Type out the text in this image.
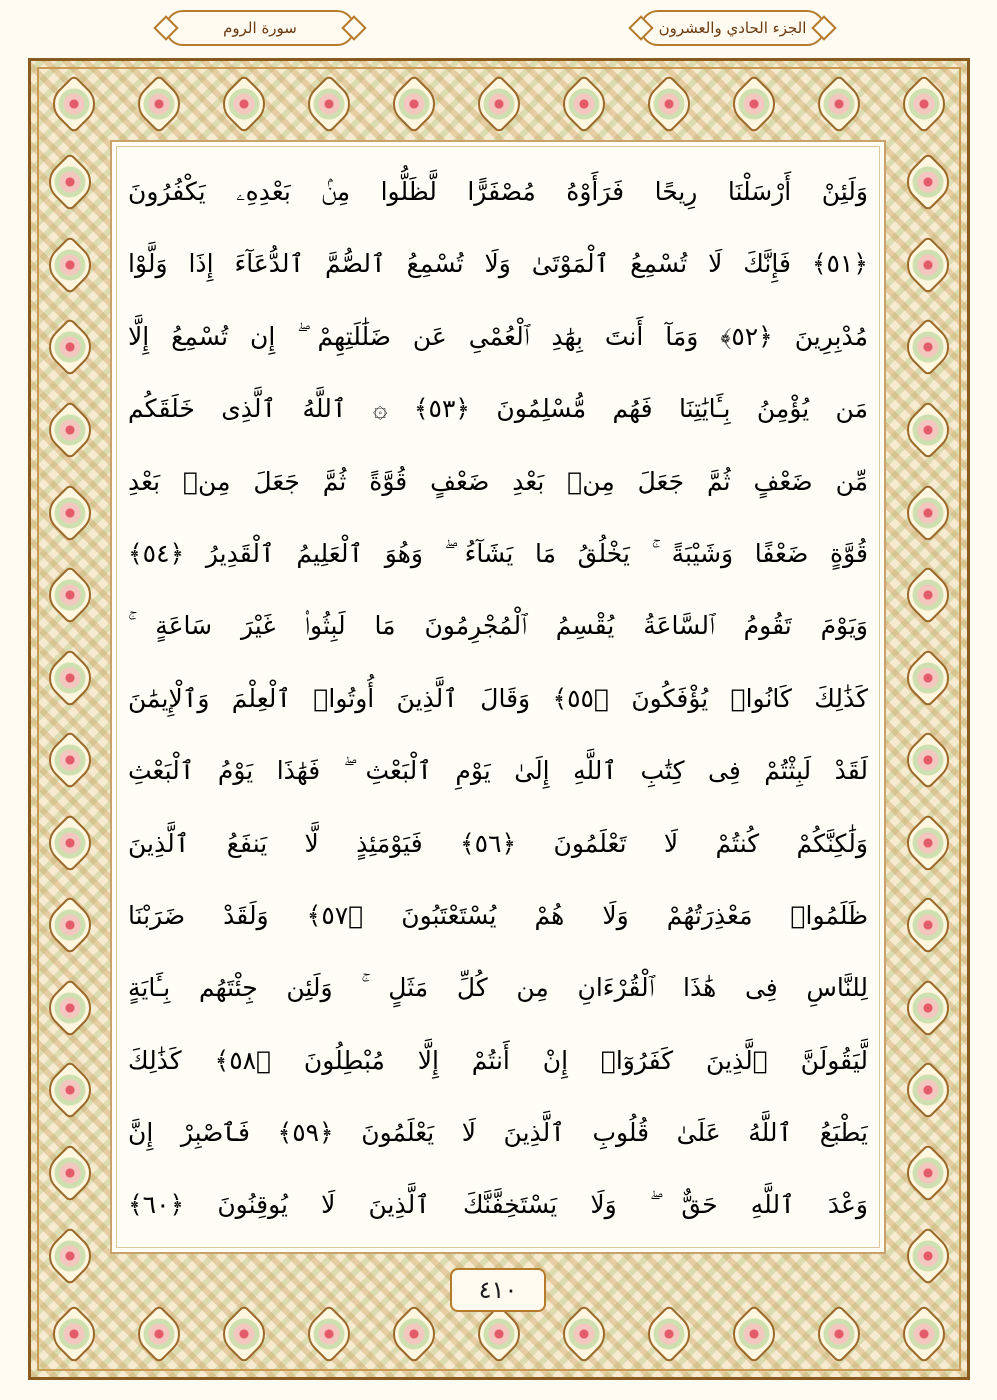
سورة الروم	الجزء الحادي والعشرون
وَلَئِنْ أَرْسَلْنَا رِيحًا فَرَأَوْهُ مُصْفَرًّا لَّظَلُّوا مِنۢ بَعْدِهِۦ يَكْفُرُونَ
﴿٥١﴾ فَإِنَّكَ لَا تُسْمِعُ ٱلْمَوْتَىٰ وَلَا تُسْمِعُ ٱلصُّمَّ ٱلدُّعَآءَ إِذَا وَلَّوْا
مُدْبِرِينَ ﴿٥٢﴾ وَمَآ أَنتَ بِهَٰدِ ٱلْعُمْىِ عَن ضَلَٰلَتِهِمْ ۖ إِن تُسْمِعُ إِلَّا
مَن يُؤْمِنُ بِـَٔايَٰتِنَا فَهُم مُّسْلِمُونَ ﴿٥٣﴾ ۞ ٱللَّهُ ٱلَّذِى خَلَقَكُم
مِّن ضَعْفٍ ثُمَّ جَعَلَ مِنۢ بَعْدِ ضَعْفٍ قُوَّةً ثُمَّ جَعَلَ مِنۢ بَعْدِ
قُوَّةٍ ضَعْفًا وَشَيْبَةً ۚ يَخْلُقُ مَا يَشَآءُ ۖ وَهُوَ ٱلْعَلِيمُ ٱلْقَدِيرُ ﴿٥٤﴾
وَيَوْمَ تَقُومُ ٱلسَّاعَةُ يُقْسِمُ ٱلْمُجْرِمُونَ مَا لَبِثُوا۟ غَيْرَ سَاعَةٍ ۚ
كَذَٰلِكَ كَانُوا۟ يُؤْفَكُونَ ﴿٥٥﴾ وَقَالَ ٱلَّذِينَ أُوتُوا۟ ٱلْعِلْمَ وَٱلْإِيمَٰنَ
لَقَدْ لَبِثْتُمْ فِى كِتَٰبِ ٱللَّهِ إِلَىٰ يَوْمِ ٱلْبَعْثِ ۖ فَهَٰذَا يَوْمُ ٱلْبَعْثِ
وَلَٰكِنَّكُمْ كُنتُمْ لَا تَعْلَمُونَ ﴿٥٦﴾ فَيَوْمَئِذٍ لَّا يَنفَعُ ٱلَّذِينَ
ظَلَمُوا۟ مَعْذِرَتُهُمْ وَلَا هُمْ يُسْتَعْتَبُونَ ﴿٥٧﴾ وَلَقَدْ ضَرَبْنَا
لِلنَّاسِ فِى هَٰذَا ٱلْقُرْءَانِ مِن كُلِّ مَثَلٍ ۚ وَلَئِن جِئْتَهُم بِـَٔايَةٍ
لَّيَقُولَنَّ ٱلَّذِينَ كَفَرُوٓا۟ إِنْ أَنتُمْ إِلَّا مُبْطِلُونَ ﴿٥٨﴾ كَذَٰلِكَ
يَطْبَعُ ٱللَّهُ عَلَىٰ قُلُوبِ ٱلَّذِينَ لَا يَعْلَمُونَ ﴿٥٩﴾ فَٱصْبِرْ إِنَّ
وَعْدَ ٱللَّهِ حَقٌّ ۖ وَلَا يَسْتَخِفَّنَّكَ ٱلَّذِينَ لَا يُوقِنُونَ ﴿٦٠﴾
٤١٠
